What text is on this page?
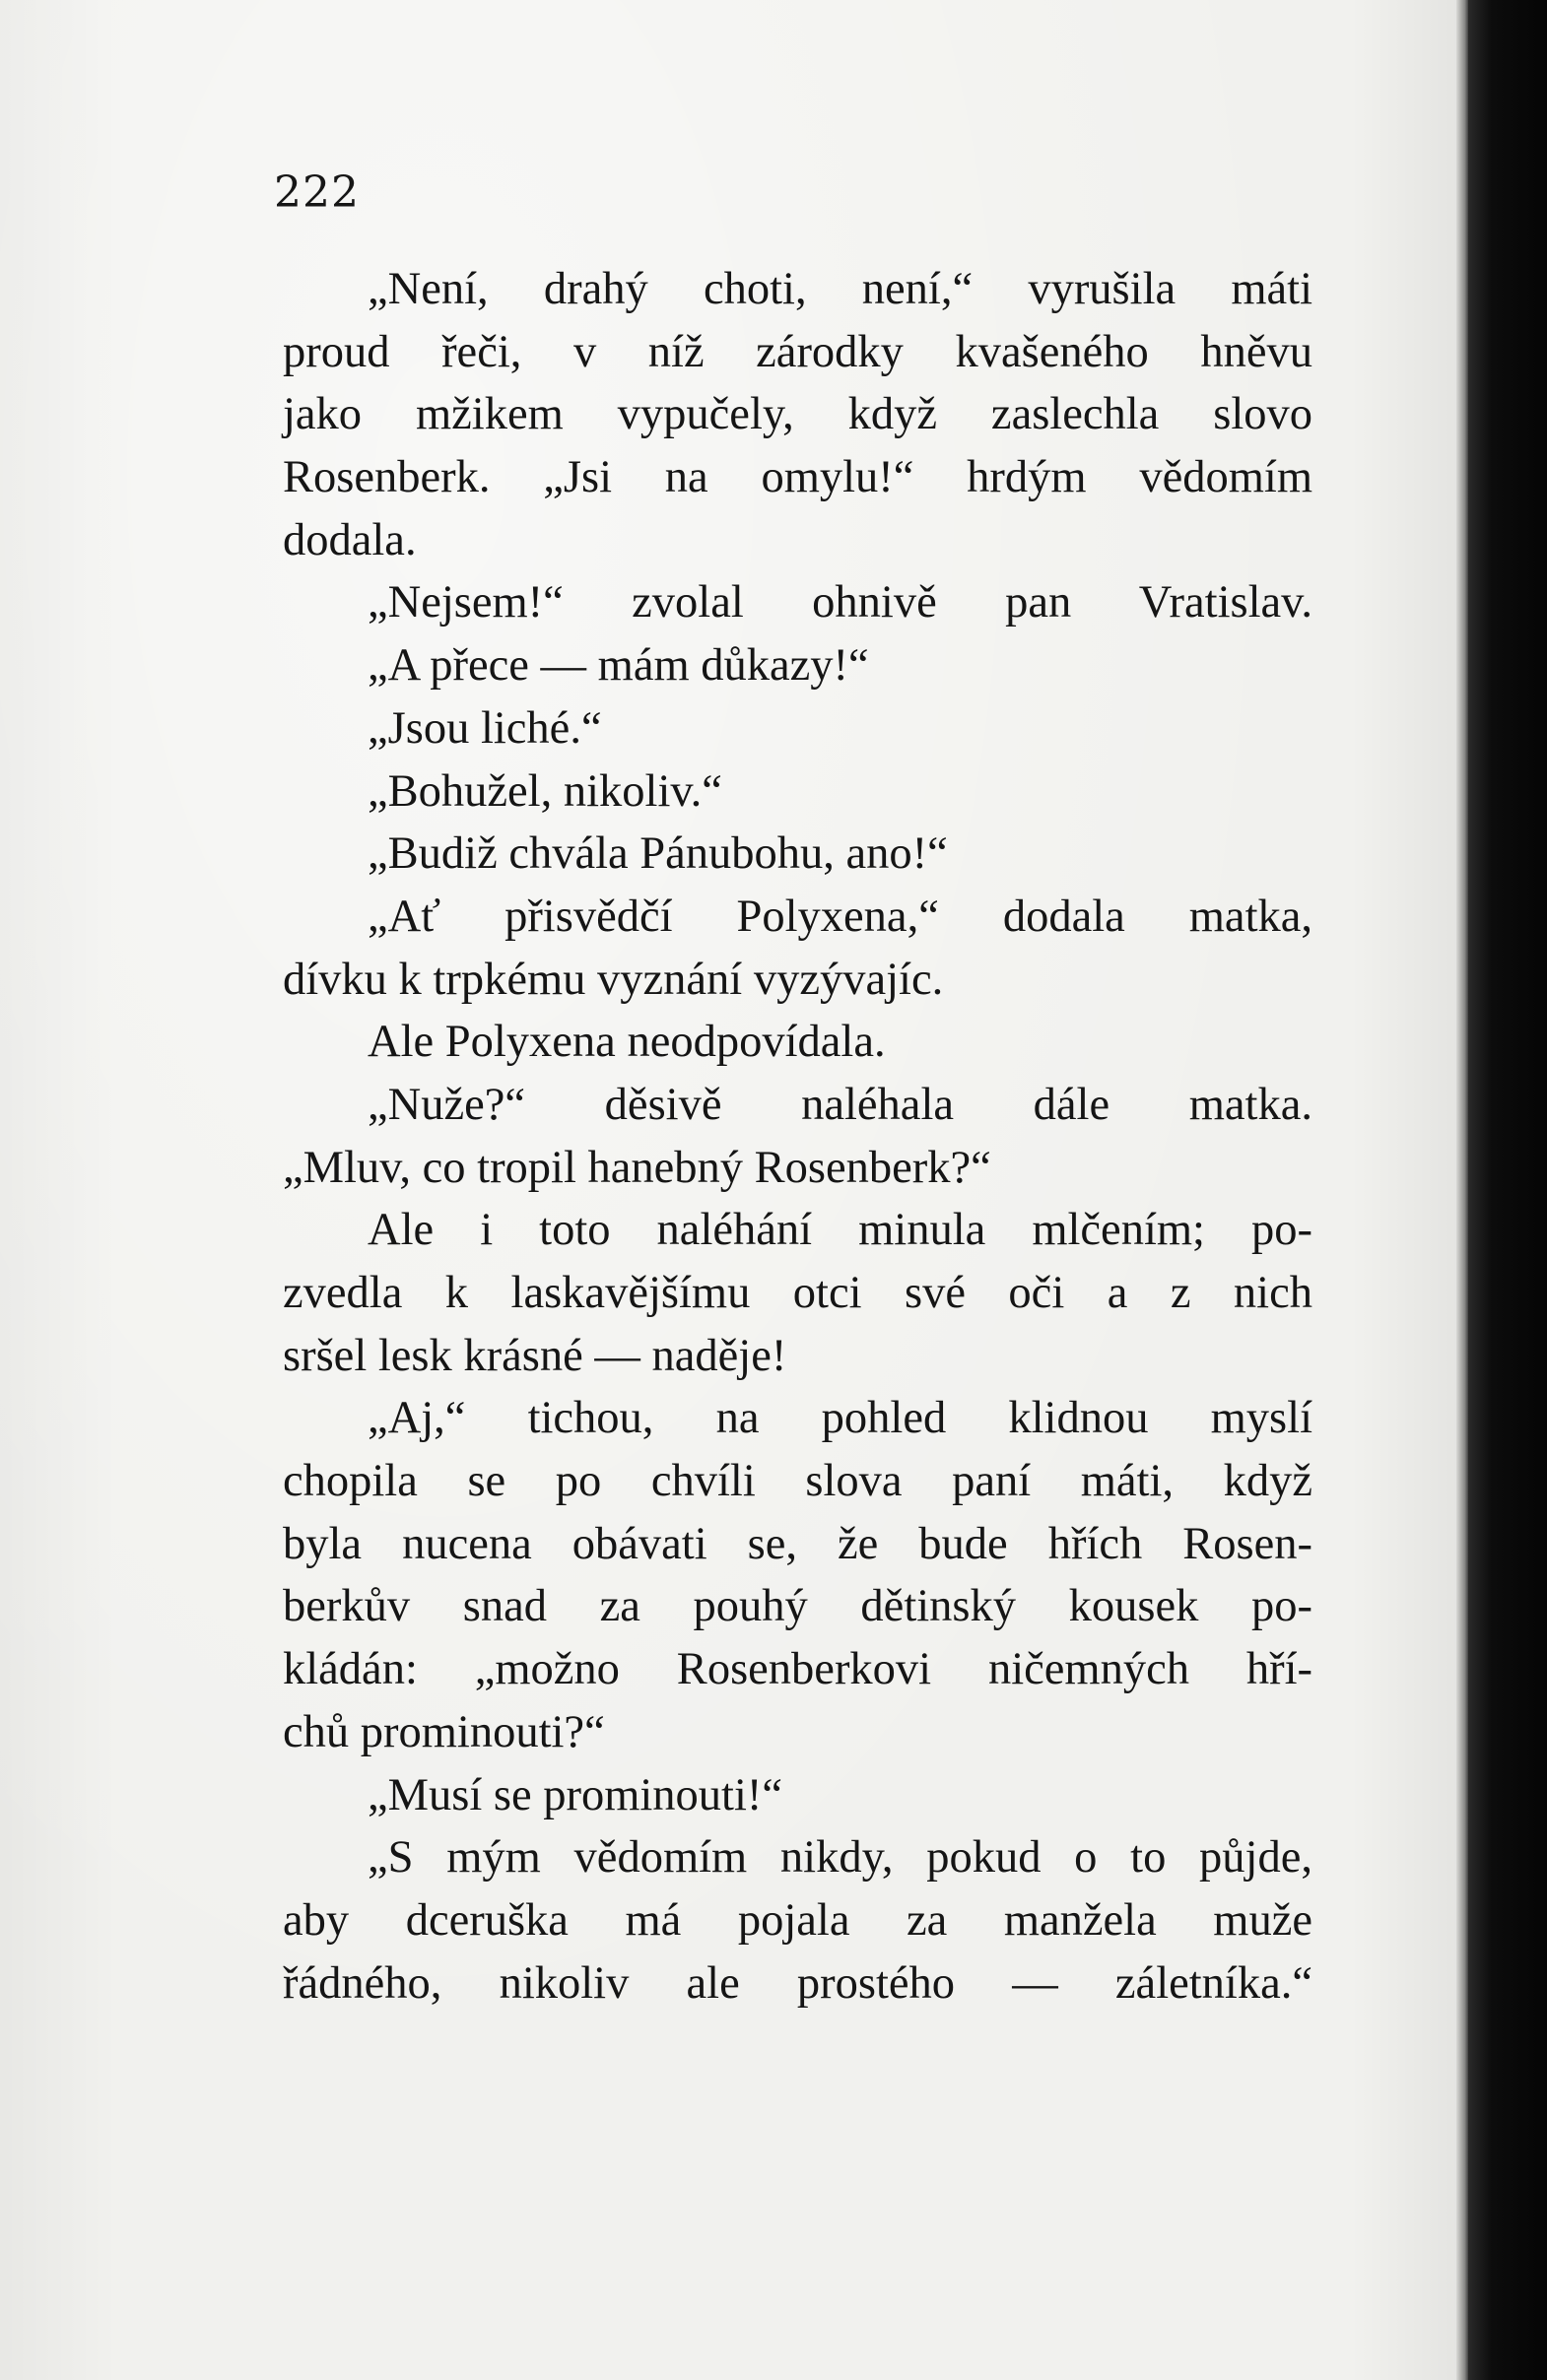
222
„Není, drahý choti, není,“ vyrušila máti
proud řeči, v níž zárodky kvašeného hněvu
jako mžikem vypučely, když zaslechla slovo
Rosenberk. „Jsi na omylu!“ hrdým vědomím
dodala.
„Nejsem!“ zvolal ohnivě pan Vratislav.
„A přece — mám důkazy!“
„Jsou liché.“
„Bohužel, nikoliv.“
„Budiž chvála Pánubohu, ano!“
„Ať přisvědčí Polyxena,“ dodala matka,
dívku k trpkému vyznání vyzývajíc.
Ale Polyxena neodpovídala.
„Nuže?“ děsivě naléhala dále matka.
„Mluv, co tropil hanebný Rosenberk?“
Ale i toto naléhání minula mlčením; po-
zvedla k laskavějšímu otci své oči a z nich
sršel lesk krásné — naděje!
„Aj,“ tichou, na pohled klidnou myslí
chopila se po chvíli slova paní máti, když
byla nucena obávati se, že bude hřích Rosen-
berkův snad za pouhý dětinský kousek po-
kládán: „možno Rosenberkovi ničemných hří-
chů prominouti?“
„Musí se prominouti!“
„S mým vědomím nikdy, pokud o to půjde,
aby dceruška má pojala za manžela muže
řádného, nikoliv ale prostého — záletníka.“
